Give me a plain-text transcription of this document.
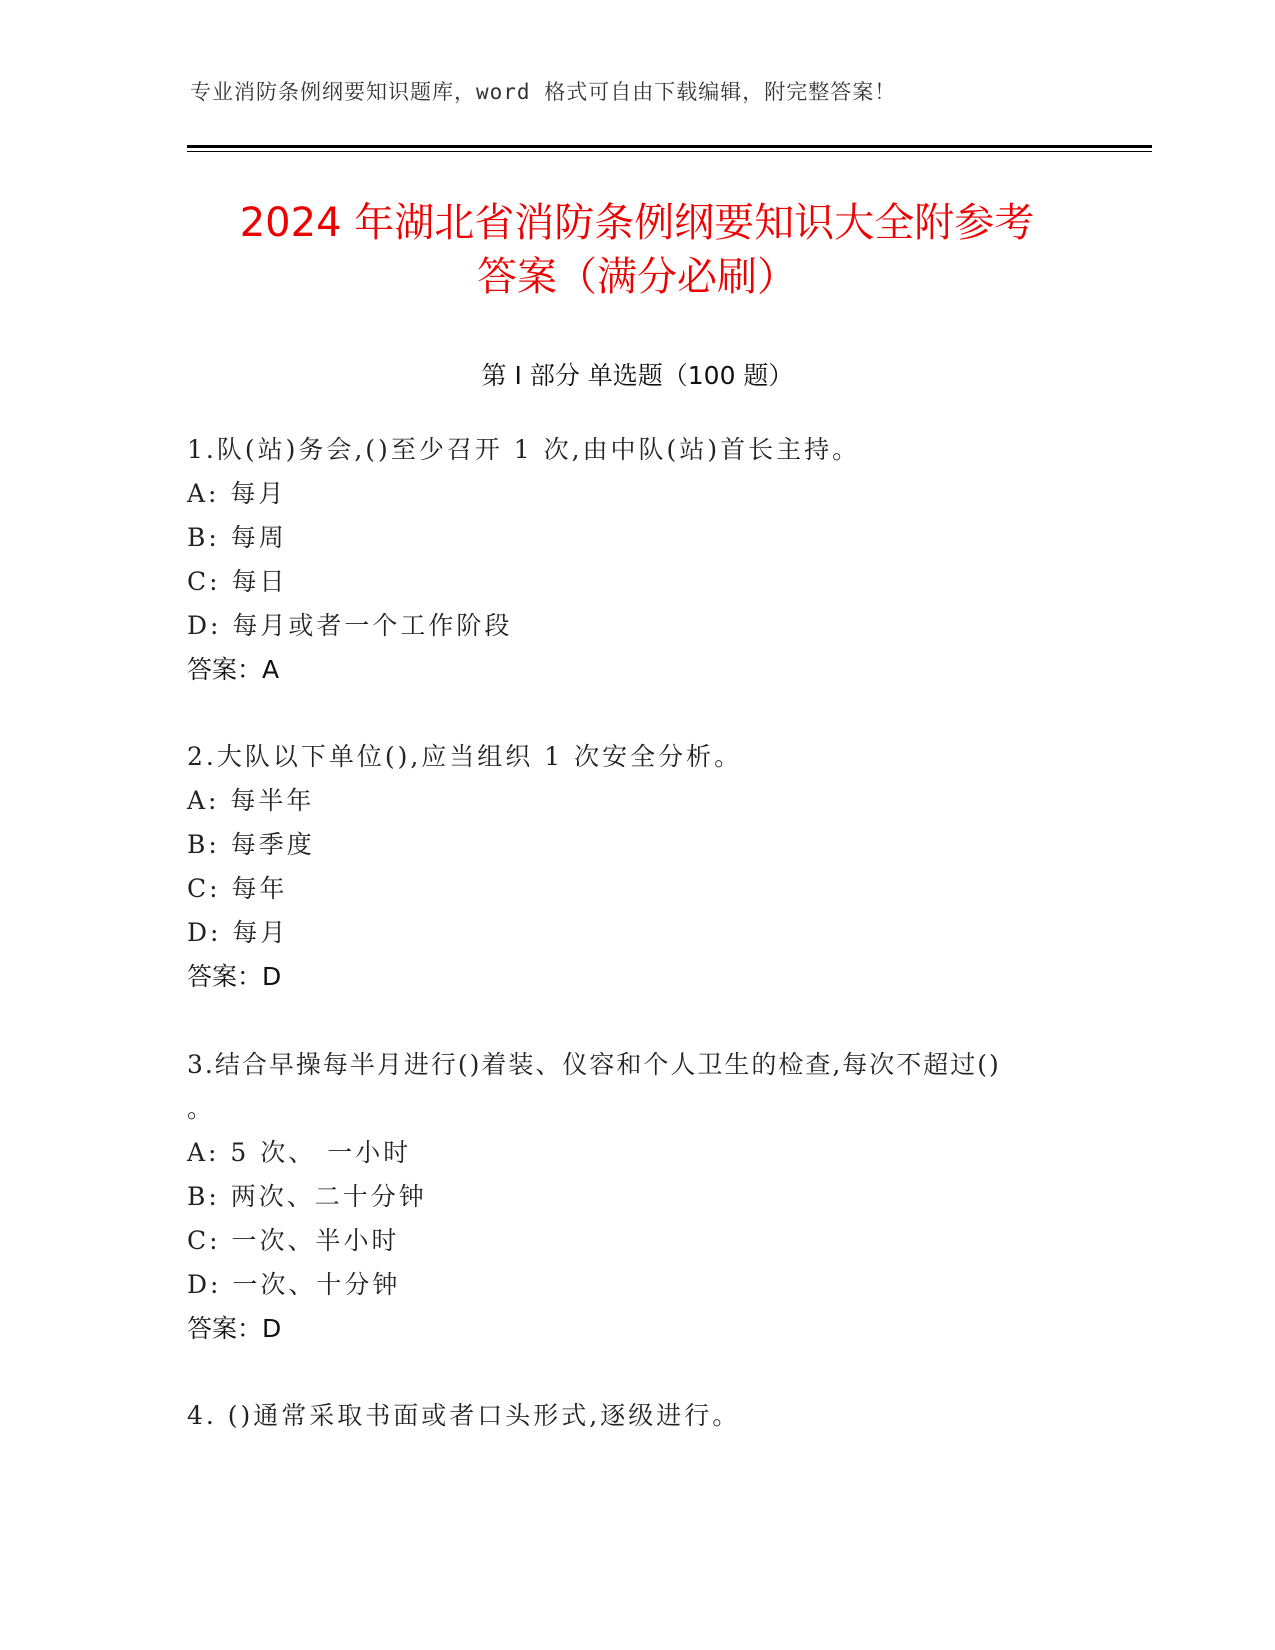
专业消防条例纲要知识题库，word 格式可自由下载编辑，附完整答案！
2024 年湖北省消防条例纲要知识大全附参考
答案（满分必刷）
第 I 部分 单选题（100 题）
1.队(站)务会,()至少召开 1 次,由中队(站)首长主持。
A: 每月
B: 每周
C: 每日
D: 每月或者一个工作阶段
答案：A
2.大队以下单位(),应当组织 1 次安全分析。
A: 每半年
B: 每季度
C: 每年
D: 每月
答案：D
3.结合早操每半月进行()着装、仪容和个人卫生的检查,每次不超过()
。
A: 5 次、 一小时
B: 两次、二十分钟
C: 一次、半小时
D: 一次、十分钟
答案：D
4. ()通常采取书面或者口头形式,逐级进行。
